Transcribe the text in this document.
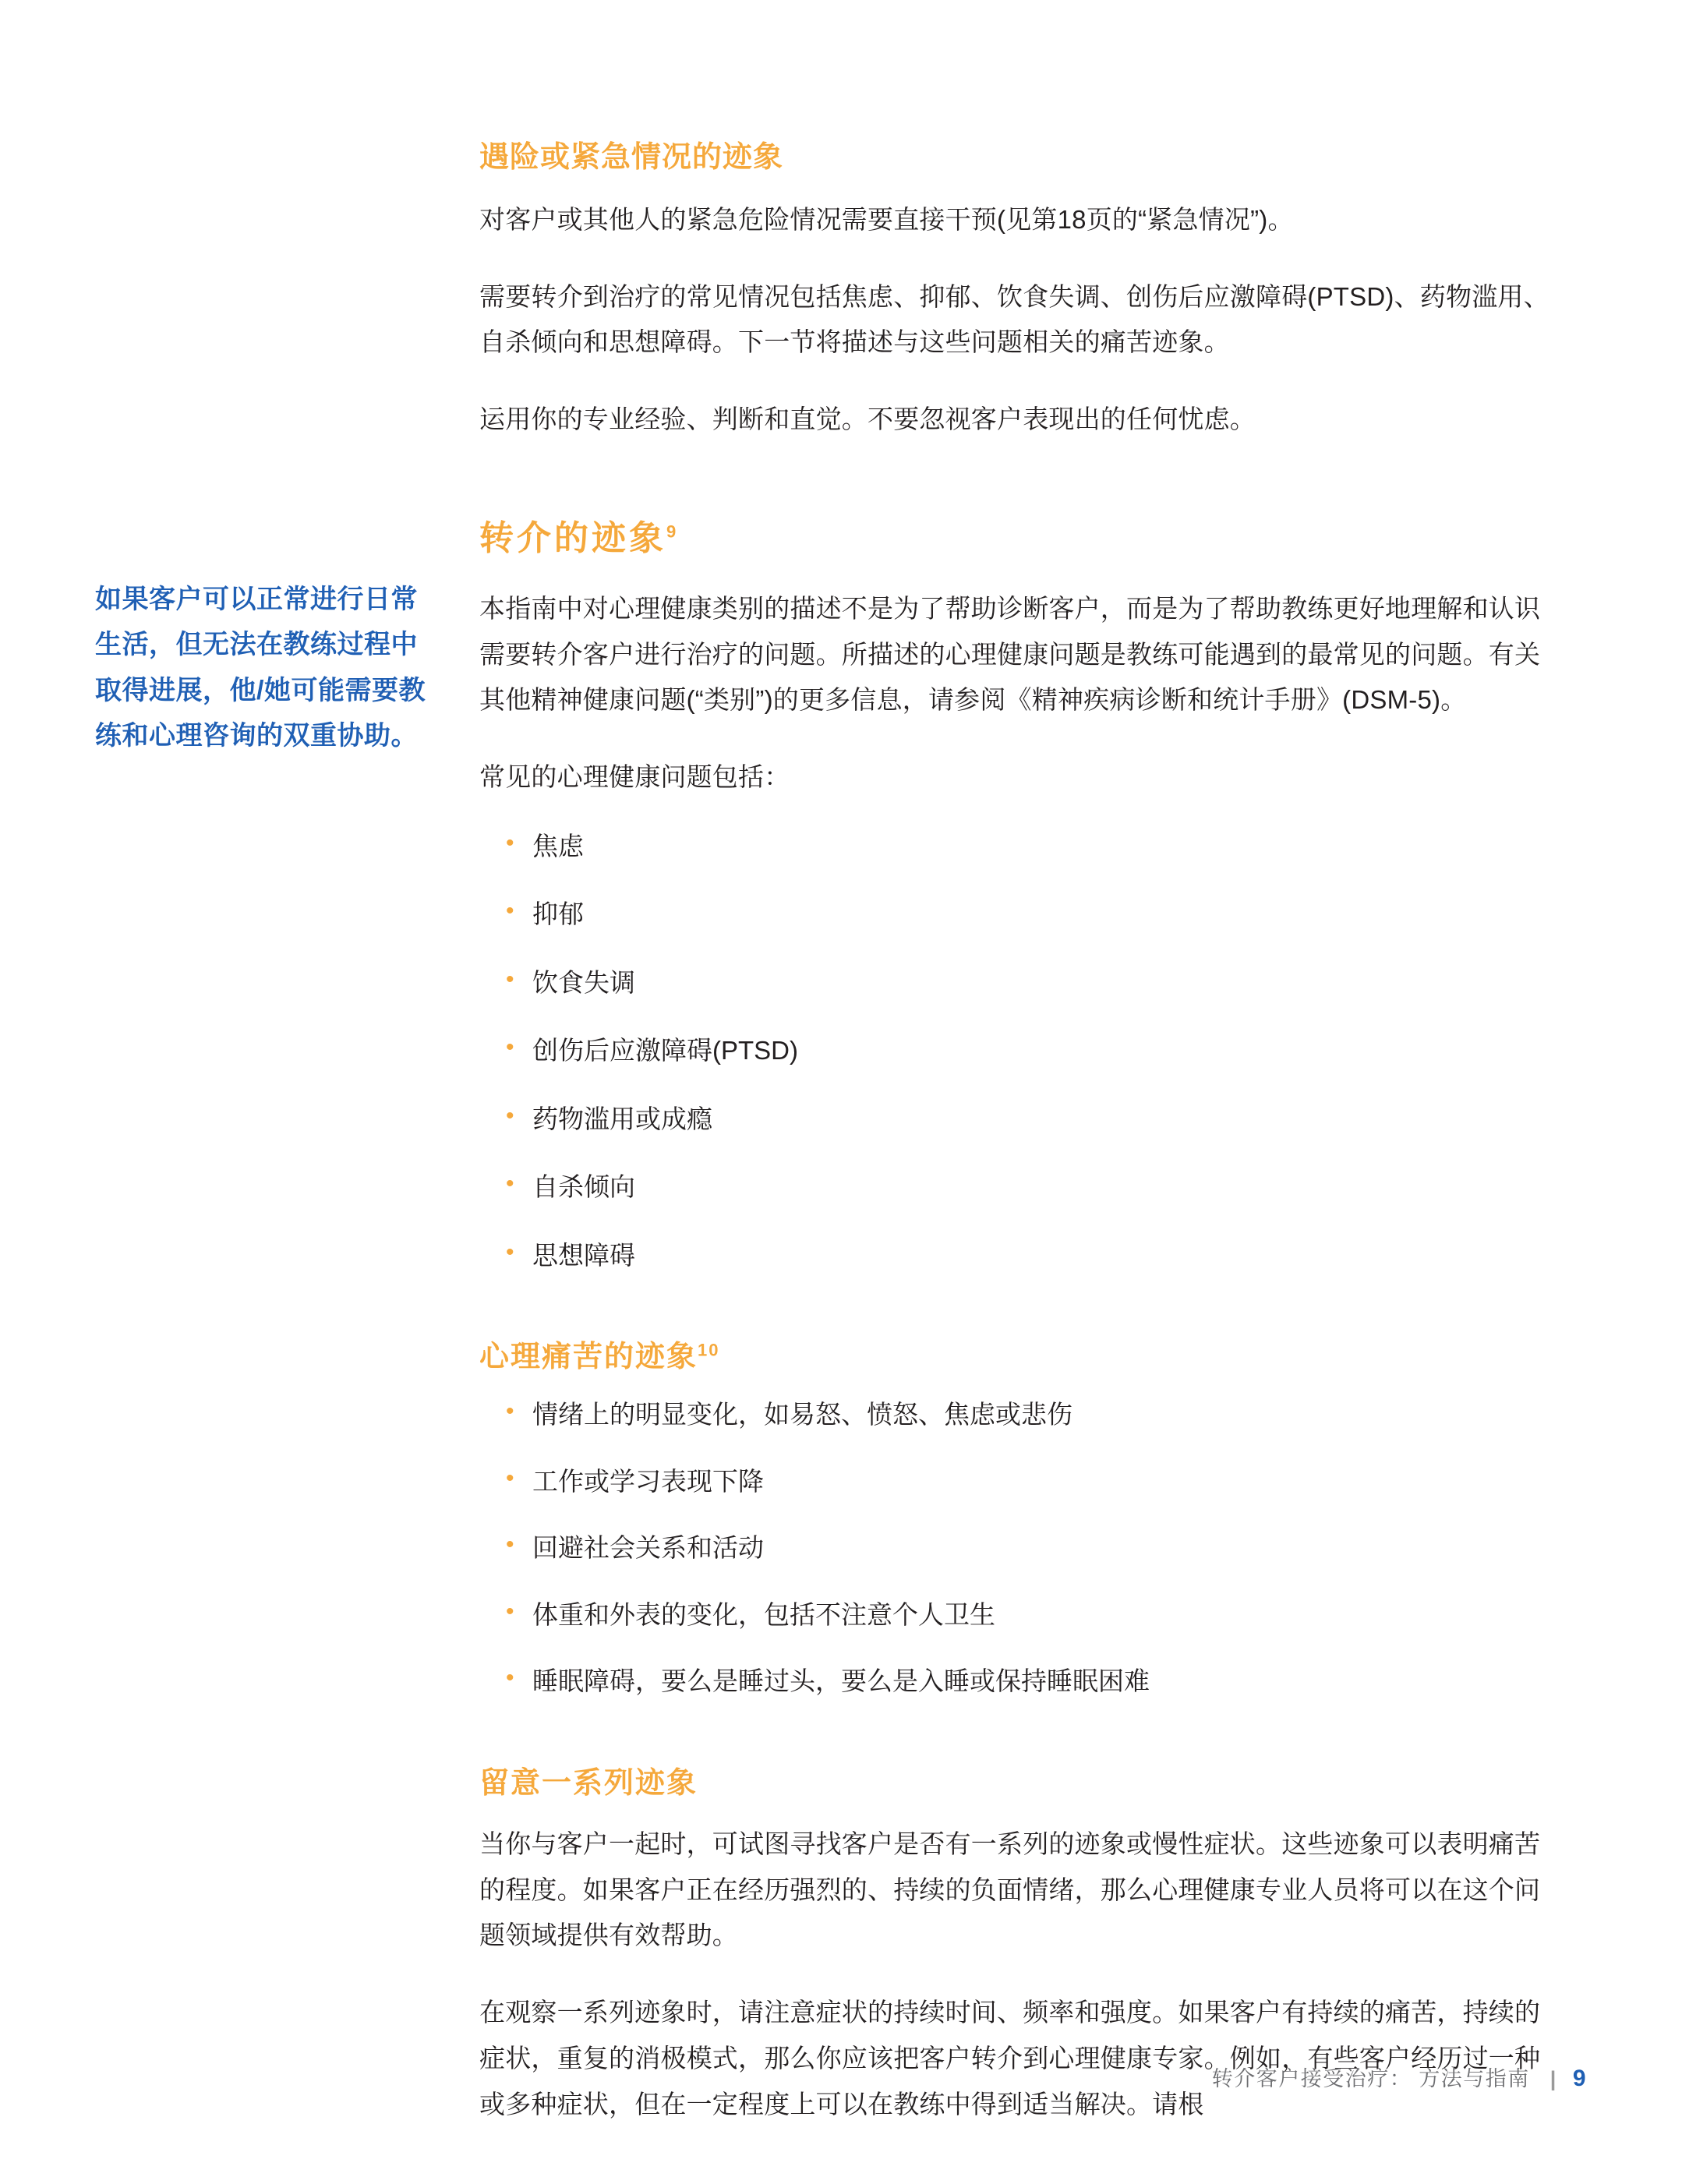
如果客户可以正常进行日常生活，但无法在教练过程中取得进展，他/她可能需要教练和心理咨询的双重协助。
遇险或紧急情况的迹象

对客户或其他人的紧急危险情况需要直接干预(见第18页的“紧急情况”)。

需要转介到治疗的常见情况包括焦虑、抑郁、饮食失调、创伤后应激障碍(PTSD)、药物滥用、自杀倾向和思想障碍。下一节将描述与这些问题相关的痛苦迹象。

运用你的专业经验、判断和直觉。不要忽视客户表现出的任何忧虑。

转介的迹象$^9$

本指南中对心理健康类别的描述不是为了帮助诊断客户，而是为了帮助教练更好地理解和认识需要转介客户进行治疗的问题。所描述的心理健康问题是教练可能遇到的最常见的问题。有关其他精神健康问题(“类别”)的更多信息，请参阅《精神疾病诊断和统计手册》(DSM-5)。

常见的心理健康问题包括：

• 焦虑
• 抑郁
• 饮食失调
• 创伤后应激障碍(PTSD)
• 药物滥用或成瘾
• 自杀倾向
• 思想障碍
心理痛苦的迹象$^{10}$
• 情绪上的明显变化，如易怒、愤怒、焦虑或悲伤
• 工作或学习表现下降
• 回避社会关系和活动
• 体重和外表的变化，包括不注意个人卫生
• 睡眠障碍，要么是睡过头，要么是入睡或保持睡眠困难
留意一系列迹象

当你与客户一起时，可试图寻找客户是否有一系列的迹象或慢性症状。这些迹象可以表明痛苦的程度。如果客户正在经历强烈的、持续的负面情绪，那么心理健康专业人员将可以在这个问题领域提供有效帮助。

在观察一系列迹象时，请注意症状的持续时间、频率和强度。如果客户有持续的痛苦，持续的症状，重复的消极模式，那么你应该把客户转介到心理健康专家。例如，有些客户经历过一种或多种症状，但在一定程度上可以在教练中得到适当解决。请根

转介客户接受治疗： 方法与指南 | 9
